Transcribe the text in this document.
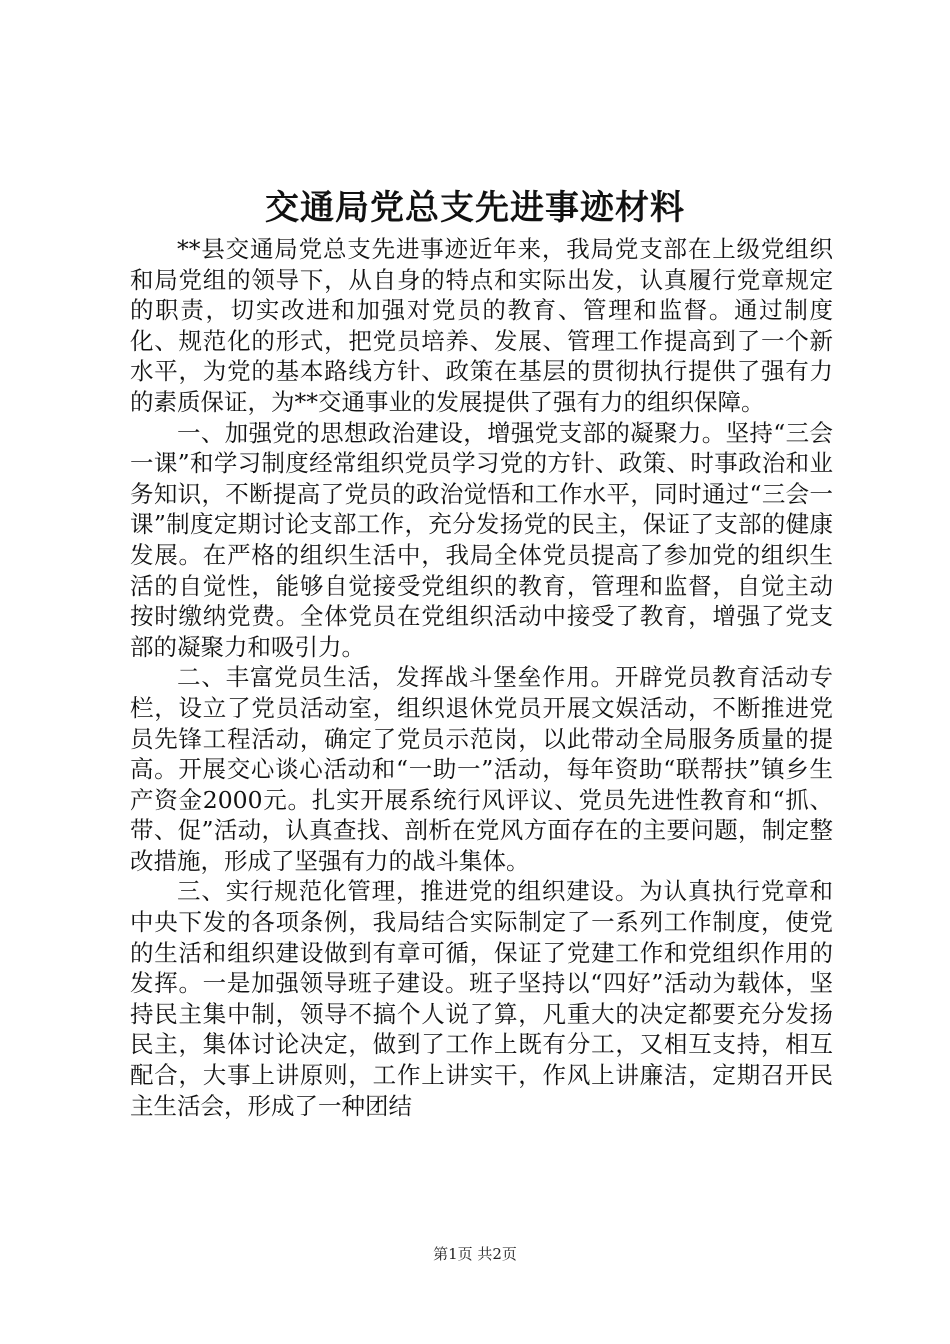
交通局党总支先进事迹材料

**县交通局党总支先进事迹近年来，我局党支部在上级党组织和局党组的领导下，从自身的特点和实际出发，认真履行党章规定的职责，切实改进和加强对党员的教育、管理和监督。通过制度化、规范化的形式，把党员培养、发展、管理工作提高到了一个新水平，为党的基本路线方针、政策在基层的贯彻执行提供了强有力的素质保证，为**交通事业的发展提供了强有力的组织保障。

一、加强党的思想政治建设，增强党支部的凝聚力。坚持“三会一课”和学习制度经常组织党员学习党的方针、政策、时事政治和业务知识，不断提高了党员的政治觉悟和工作水平，同时通过“三会一课”制度定期讨论支部工作，充分发扬党的民主，保证了支部的健康发展。在严格的组织生活中，我局全体党员提高了参加党的组织生活的自觉性，能够自觉接受党组织的教育，管理和监督，自觉主动按时缴纳党费。全体党员在党组织活动中接受了教育，增强了党支部的凝聚力和吸引力。

二、丰富党员生活，发挥战斗堡垒作用。开辟党员教育活动专栏，设立了党员活动室，组织退休党员开展文娱活动，不断推进党员先锋工程活动，确定了党员示范岗，以此带动全局服务质量的提高。开展交心谈心活动和“一助一”活动，每年资助“联帮扶”镇乡生产资金2000元。扎实开展系统行风评议、党员先进性教育和“抓、带、促”活动，认真查找、剖析在党风方面存在的主要问题，制定整改措施，形成了坚强有力的战斗集体。

三、实行规范化管理，推进党的组织建设。为认真执行党章和中央下发的各项条例，我局结合实际制定了一系列工作制度，使党的生活和组织建设做到有章可循，保证了党建工作和党组织作用的发挥。一是加强领导班子建设。班子坚持以“四好”活动为载体，坚持民主集中制，领导不搞个人说了算，凡重大的决定都要充分发扬民主，集体讨论决定，做到了工作上既有分工，又相互支持，相互配合，大事上讲原则，工作上讲实干，作风上讲廉洁，定期召开民主生活会，形成了一种团结

第1页 共2页
